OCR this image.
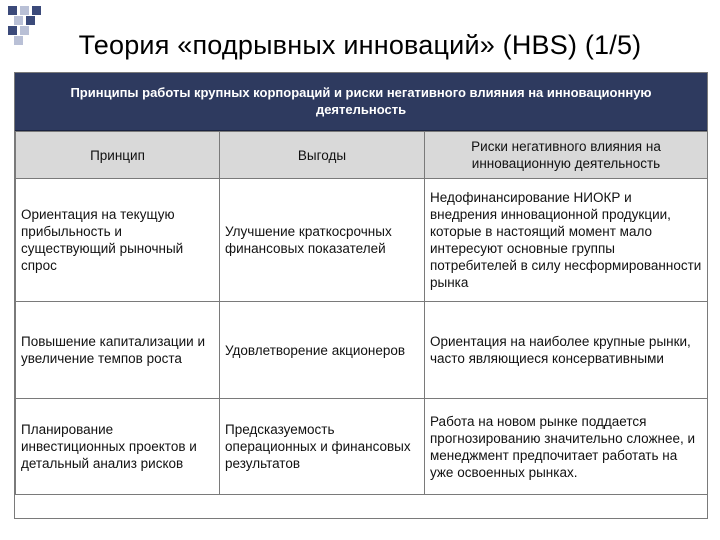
Теория «подрывных инноваций» (HBS) (1/5)
Принципы работы крупных корпораций и риски негативного влияния на инновационную деятельность
Принцип	Выгоды	Риски негативного влияния на инновационную деятельность
Ориентация на текущую прибыльность и существующий рыночный спрос	Улучшение краткосрочных финансовых показателей	Недофинансирование НИОКР и внедрения инновационной продукции, которые в настоящий момент мало интересуют основные группы потребителей в силу несформированности рынка
Повышение капитализации и увеличение темпов роста	Удовлетворение акционеров	Ориентация на наиболее крупные рынки, часто являющиеся консервативными
Планирование инвестиционных проектов и детальный анализ рисков	Предсказуемость операционных и финансовых результатов	Работа на новом рынке поддается прогнозированию значительно сложнее, и менеджмент предпочитает работать на уже освоенных рынках.
